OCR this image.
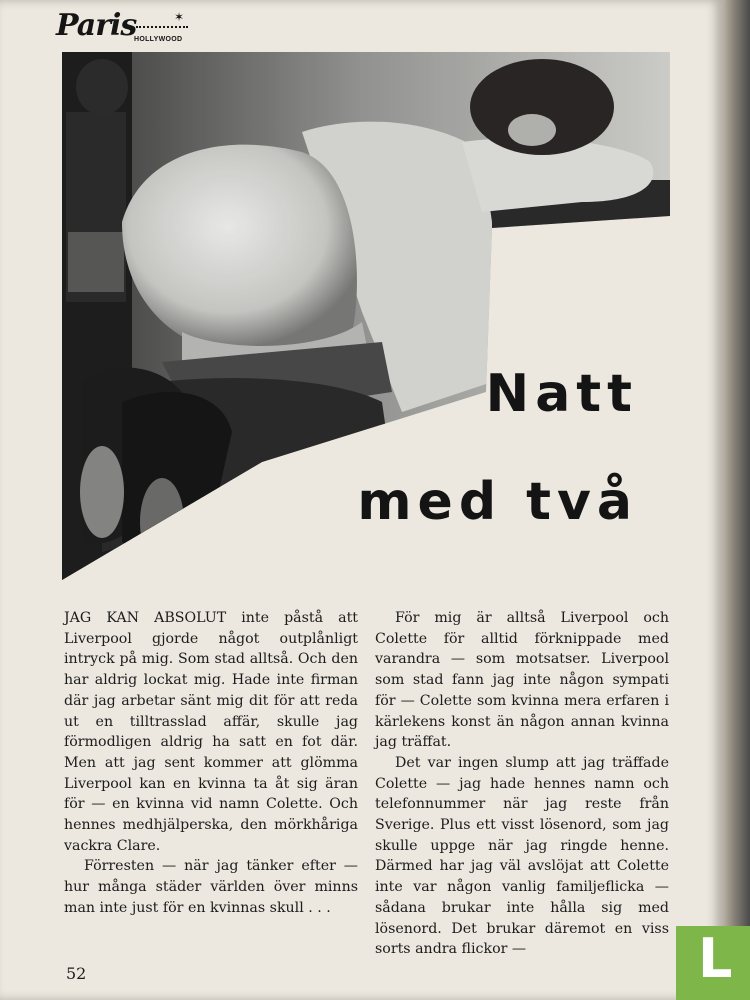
Paris	✶
HOLLYWOOD
Natt
med två

JAG KAN ABSOLUT inte påstå att Liverpool gjorde något outplånligt intryck på mig. Som stad alltså. Och den har aldrig lockat mig. Hade inte firman där jag arbetar sänt mig dit för att reda ut en tilltrasslad affär, skulle jag förmodligen aldrig ha satt en fot där. Men att jag sent kommer att glömma Liverpool kan en kvinna ta åt sig äran för — en kvinna vid namn Colette. Och hennes medhjälperska, den mörkhåriga vackra Clare.

Förresten — när jag tänker efter — hur många städer världen över minns man inte just för en kvinnas skull . . .

För mig är alltså Liverpool och Colette för alltid förknippade med varandra — som motsatser. Liverpool som stad fann jag inte någon sympati för — Colette som kvinna mera erfaren i kärlekens konst än någon annan kvinna jag träffat.

Det var ingen slump att jag träffade Colette — jag hade hennes namn och telefonnummer när jag reste från Sverige. Plus ett visst lösenord, som jag skulle uppge när jag ringde henne. Därmed har jag väl avslöjat att Colette inte var någon vanlig familjeflicka — sådana brukar inte hålla sig med lösenord. Det brukar däremot en viss sorts andra flickor —

52	L
